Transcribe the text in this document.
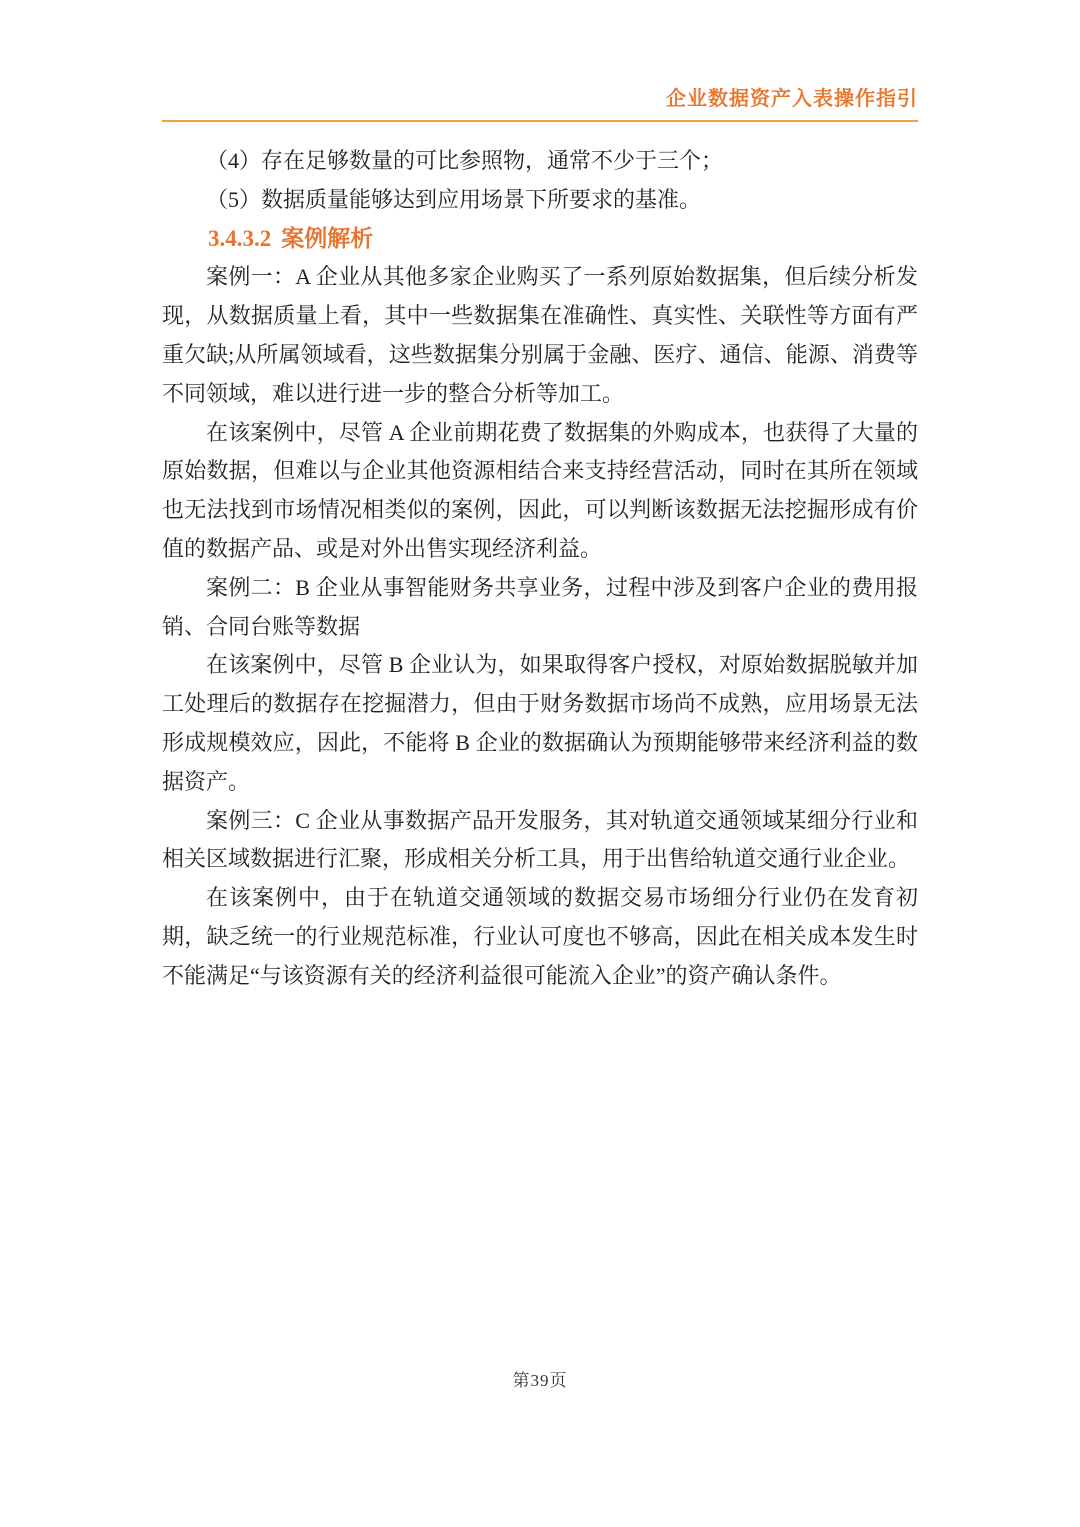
企业数据资产入表操作指引

（4）存在足够数量的可比参照物，通常不少于三个；

（5）数据质量能够达到应用场景下所要求的基准。

3.4.3.2 案例解析

案例一：A 企业从其他多家企业购买了一系列原始数据集，但后续分析发现，从数据质量上看，其中一些数据集在准确性、真实性、关联性等方面有严重欠缺;从所属领域看，这些数据集分别属于金融、医疗、通信、能源、消费等不同领域，难以进行进一步的整合分析等加工。

在该案例中，尽管 A 企业前期花费了数据集的外购成本，也获得了大量的原始数据，但难以与企业其他资源相结合来支持经营活动，同时在其所在领域也无法找到市场情况相类似的案例，因此，可以判断该数据无法挖掘形成有价值的数据产品、或是对外出售实现经济利益。

案例二：B 企业从事智能财务共享业务，过程中涉及到客户企业的费用报销、合同台账等数据

在该案例中，尽管 B 企业认为，如果取得客户授权，对原始数据脱敏并加工处理后的数据存在挖掘潜力，但由于财务数据市场尚不成熟，应用场景无法形成规模效应，因此，不能将 B 企业的数据确认为预期能够带来经济利益的数据资产。

案例三：C 企业从事数据产品开发服务，其对轨道交通领域某细分行业和相关区域数据进行汇聚，形成相关分析工具，用于出售给轨道交通行业企业。

在该案例中，由于在轨道交通领域的数据交易市场细分行业仍在发育初期，缺乏统一的行业规范标准，行业认可度也不够高，因此在相关成本发生时不能满足“与该资源有关的经济利益很可能流入企业”的资产确认条件。

第39页
